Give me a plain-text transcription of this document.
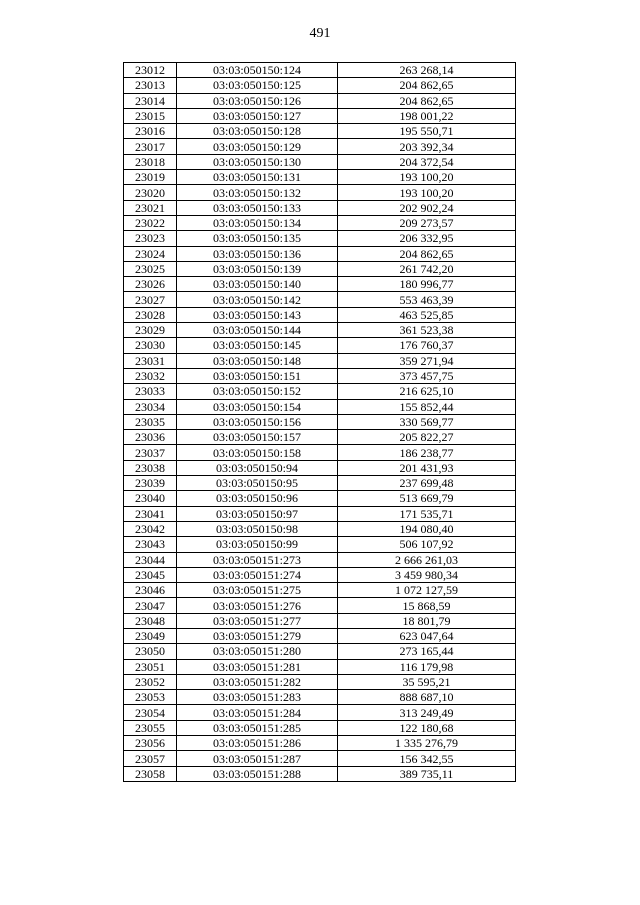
491
23012	03:03:050150:124	263 268,14
23013	03:03:050150:125	204 862,65
23014	03:03:050150:126	204 862,65
23015	03:03:050150:127	198 001,22
23016	03:03:050150:128	195 550,71
23017	03:03:050150:129	203 392,34
23018	03:03:050150:130	204 372,54
23019	03:03:050150:131	193 100,20
23020	03:03:050150:132	193 100,20
23021	03:03:050150:133	202 902,24
23022	03:03:050150:134	209 273,57
23023	03:03:050150:135	206 332,95
23024	03:03:050150:136	204 862,65
23025	03:03:050150:139	261 742,20
23026	03:03:050150:140	180 996,77
23027	03:03:050150:142	553 463,39
23028	03:03:050150:143	463 525,85
23029	03:03:050150:144	361 523,38
23030	03:03:050150:145	176 760,37
23031	03:03:050150:148	359 271,94
23032	03:03:050150:151	373 457,75
23033	03:03:050150:152	216 625,10
23034	03:03:050150:154	155 852,44
23035	03:03:050150:156	330 569,77
23036	03:03:050150:157	205 822,27
23037	03:03:050150:158	186 238,77
23038	03:03:050150:94	201 431,93
23039	03:03:050150:95	237 699,48
23040	03:03:050150:96	513 669,79
23041	03:03:050150:97	171 535,71
23042	03:03:050150:98	194 080,40
23043	03:03:050150:99	506 107,92
23044	03:03:050151:273	2 666 261,03
23045	03:03:050151:274	3 459 980,34
23046	03:03:050151:275	1 072 127,59
23047	03:03:050151:276	15 868,59
23048	03:03:050151:277	18 801,79
23049	03:03:050151:279	623 047,64
23050	03:03:050151:280	273 165,44
23051	03:03:050151:281	116 179,98
23052	03:03:050151:282	35 595,21
23053	03:03:050151:283	888 687,10
23054	03:03:050151:284	313 249,49
23055	03:03:050151:285	122 180,68
23056	03:03:050151:286	1 335 276,79
23057	03:03:050151:287	156 342,55
23058	03:03:050151:288	389 735,11
